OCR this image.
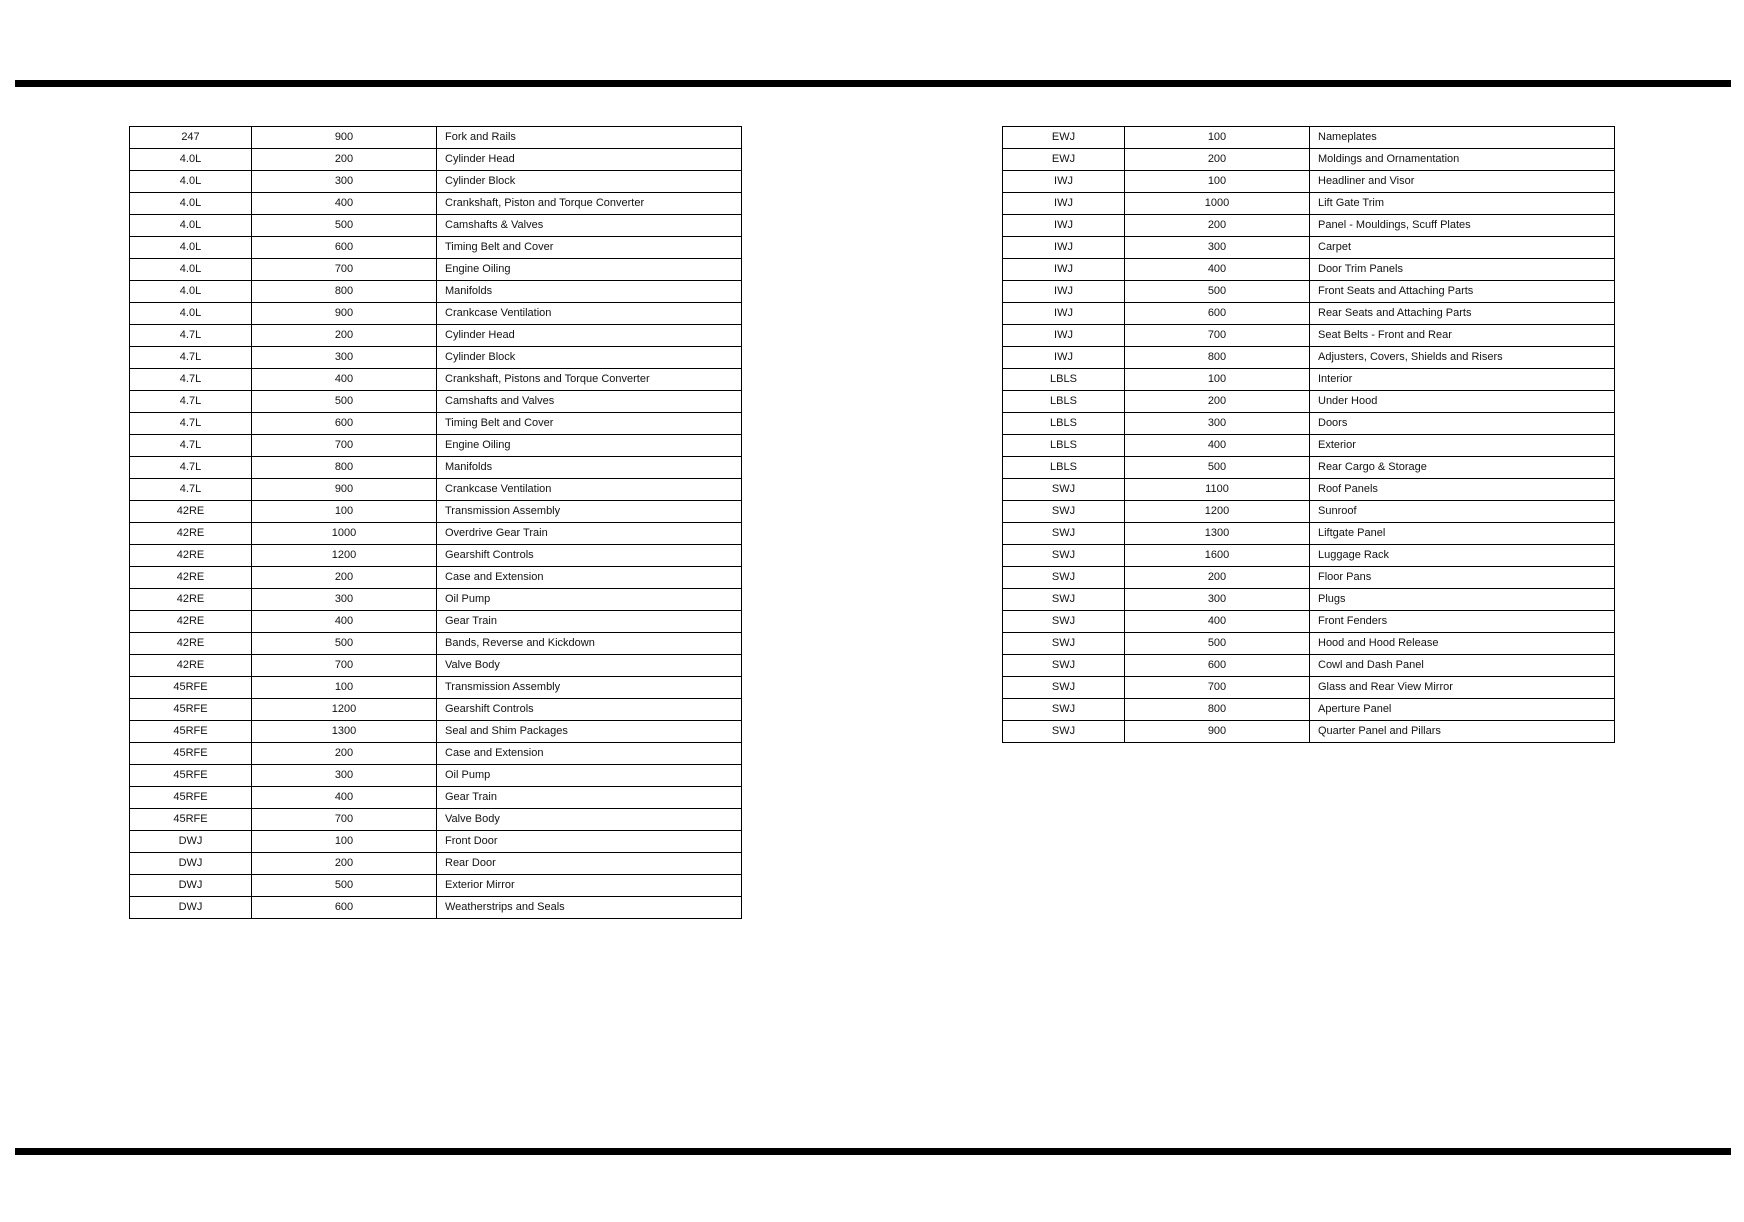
247	900	Fork and Rails
4.0L	200	Cylinder Head
4.0L	300	Cylinder Block
4.0L	400	Crankshaft, Piston and Torque Converter
4.0L	500	Camshafts & Valves
4.0L	600	Timing Belt and Cover
4.0L	700	Engine Oiling
4.0L	800	Manifolds
4.0L	900	Crankcase Ventilation
4.7L	200	Cylinder Head
4.7L	300	Cylinder Block
4.7L	400	Crankshaft, Pistons and Torque Converter
4.7L	500	Camshafts and Valves
4.7L	600	Timing Belt and Cover
4.7L	700	Engine Oiling
4.7L	800	Manifolds
4.7L	900	Crankcase Ventilation
42RE	100	Transmission Assembly
42RE	1000	Overdrive Gear Train
42RE	1200	Gearshift Controls
42RE	200	Case and Extension
42RE	300	Oil Pump
42RE	400	Gear Train
42RE	500	Bands, Reverse and Kickdown
42RE	700	Valve Body
45RFE	100	Transmission Assembly
45RFE	1200	Gearshift Controls
45RFE	1300	Seal and Shim Packages
45RFE	200	Case and Extension
45RFE	300	Oil Pump
45RFE	400	Gear Train
45RFE	700	Valve Body
DWJ	100	Front Door
DWJ	200	Rear Door
DWJ	500	Exterior Mirror
DWJ	600	Weatherstrips and Seals
EWJ	100	Nameplates
EWJ	200	Moldings and Ornamentation
IWJ	100	Headliner and Visor
IWJ	1000	Lift Gate Trim
IWJ	200	Panel - Mouldings, Scuff Plates
IWJ	300	Carpet
IWJ	400	Door Trim Panels
IWJ	500	Front Seats and Attaching Parts
IWJ	600	Rear Seats and Attaching Parts
IWJ	700	Seat Belts - Front and Rear
IWJ	800	Adjusters, Covers, Shields and Risers
LBLS	100	Interior
LBLS	200	Under Hood
LBLS	300	Doors
LBLS	400	Exterior
LBLS	500	Rear Cargo & Storage
SWJ	1100	Roof Panels
SWJ	1200	Sunroof
SWJ	1300	Liftgate Panel
SWJ	1600	Luggage Rack
SWJ	200	Floor Pans
SWJ	300	Plugs
SWJ	400	Front Fenders
SWJ	500	Hood and Hood Release
SWJ	600	Cowl and Dash Panel
SWJ	700	Glass and Rear View Mirror
SWJ	800	Aperture Panel
SWJ	900	Quarter Panel and Pillars
